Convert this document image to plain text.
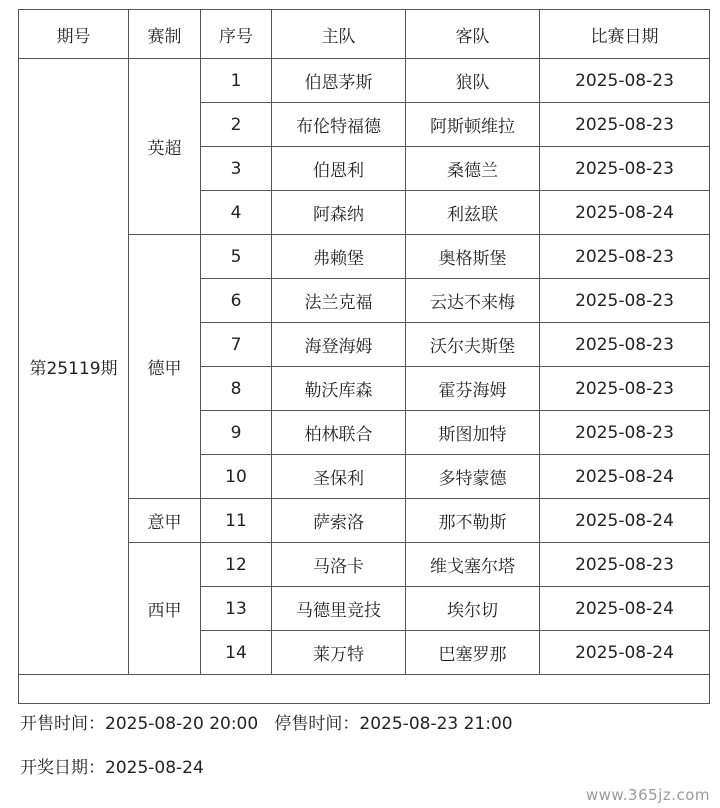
期号	赛制	序号	主队	客队	比赛日期
第25119期	英超	1	伯恩茅斯	狼队	2025-08-23
		2	布伦特福德	阿斯顿维拉	2025-08-23
		3	伯恩利	桑德兰	2025-08-23
		4	阿森纳	利兹联	2025-08-24
	德甲	5	弗赖堡	奥格斯堡	2025-08-23
		6	法兰克福	云达不来梅	2025-08-23
		7	海登海姆	沃尔夫斯堡	2025-08-23
		8	勒沃库森	霍芬海姆	2025-08-23
		9	柏林联合	斯图加特	2025-08-23
		10	圣保利	多特蒙德	2025-08-24
	意甲	11	萨索洛	那不勒斯	2025-08-24
	西甲	12	马洛卡	维戈塞尔塔	2025-08-23
		13	马德里竞技	埃尔切	2025-08-24
		14	莱万特	巴塞罗那	2025-08-24

开售时间：2025-08-20 20:00 停售时间：2025-08-23 21:00
开奖日期：2025-08-24
www.365jz.com
